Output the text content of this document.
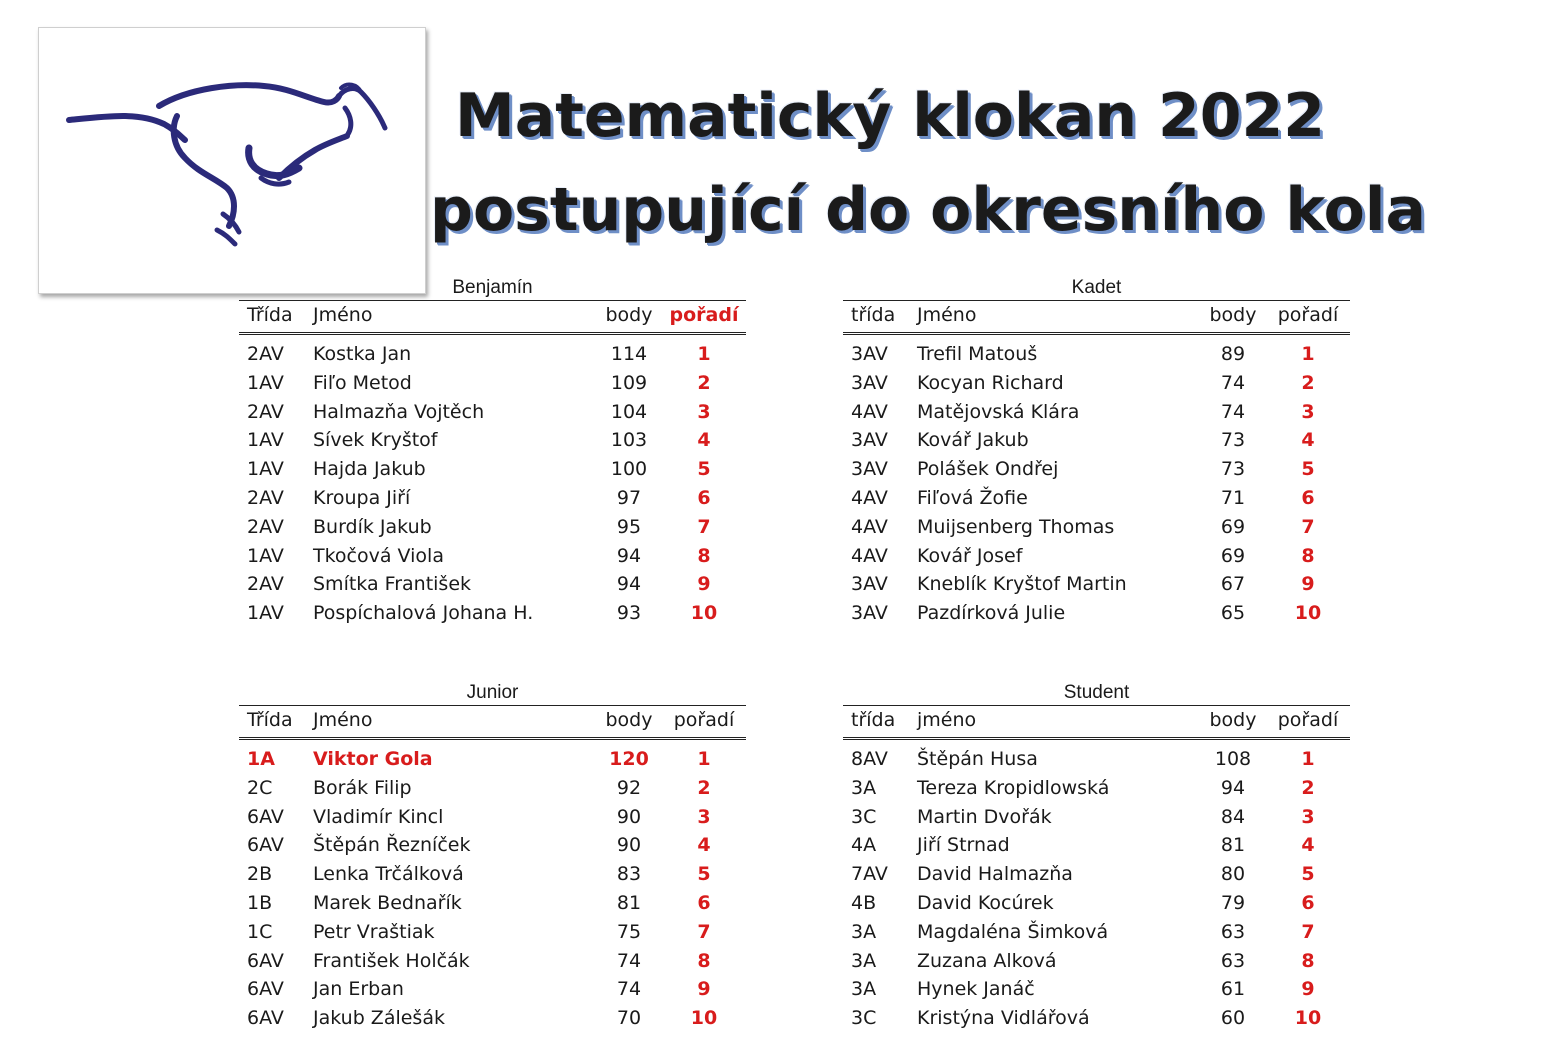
Matematický klokan 2022
postupující do okresního kola
Benjamín
Třída Jméno	body pořadí
2AV Kostka Jan	114	1
1AV Fiľo Metod	109	2
2AV Halmazňa Vojtěch	104	3
1AV Sívek Kryštof	103	4
1AV Hajda Jakub	100	5
2AV Kroupa Jiří	97	6
2AV Burdík Jakub	95	7
1AV Tkočová Viola	94	8
2AV Smítka František	94	9
1AV Pospíchalová Johana H.	93	10
Kadet
třída Jméno	body	pořadí
3AV Trefil Matouš	89	1
3AV Kocyan Richard	74	2
4AV Matějovská Klára	74	3
3AV Kovář Jakub	73	4
3AV Polášek Ondřej	73	5
4AV Fiľová Žofie	71	6
4AV Muijsenberg Thomas	69	7
4AV Kovář Josef	69	8
3AV Kneblík Kryštof Martin	67	9
3AV Pazdírková Julie	65	10
Junior
Třída Jméno	body	pořadí
1A Viktor Gola	120	1
2C Borák Filip	92	2
6AV Vladimír Kincl	90	3
6AV Štěpán Řezníček	90	4
2B Lenka Trčálková	83	5
1B Marek Bednařík	81	6
1C Petr Vraštiak	75	7
6AV František Holčák	74	8
6AV Jan Erban	74	9
6AV Jakub Zálešák	70	10
Student
třída jméno	body	pořadí
8AV Štěpán Husa	108	1
3A Tereza Kropidlowská	94	2
3C Martin Dvořák	84	3
4A Jiří Strnad	81	4
7AV David Halmazňa	80	5
4B David Kocúrek	79	6
3A Magdaléna Šimková	63	7
3A Zuzana Alková	63	8
3A Hynek Janáč	61	9
3C Kristýna Vidlářová	60	10
